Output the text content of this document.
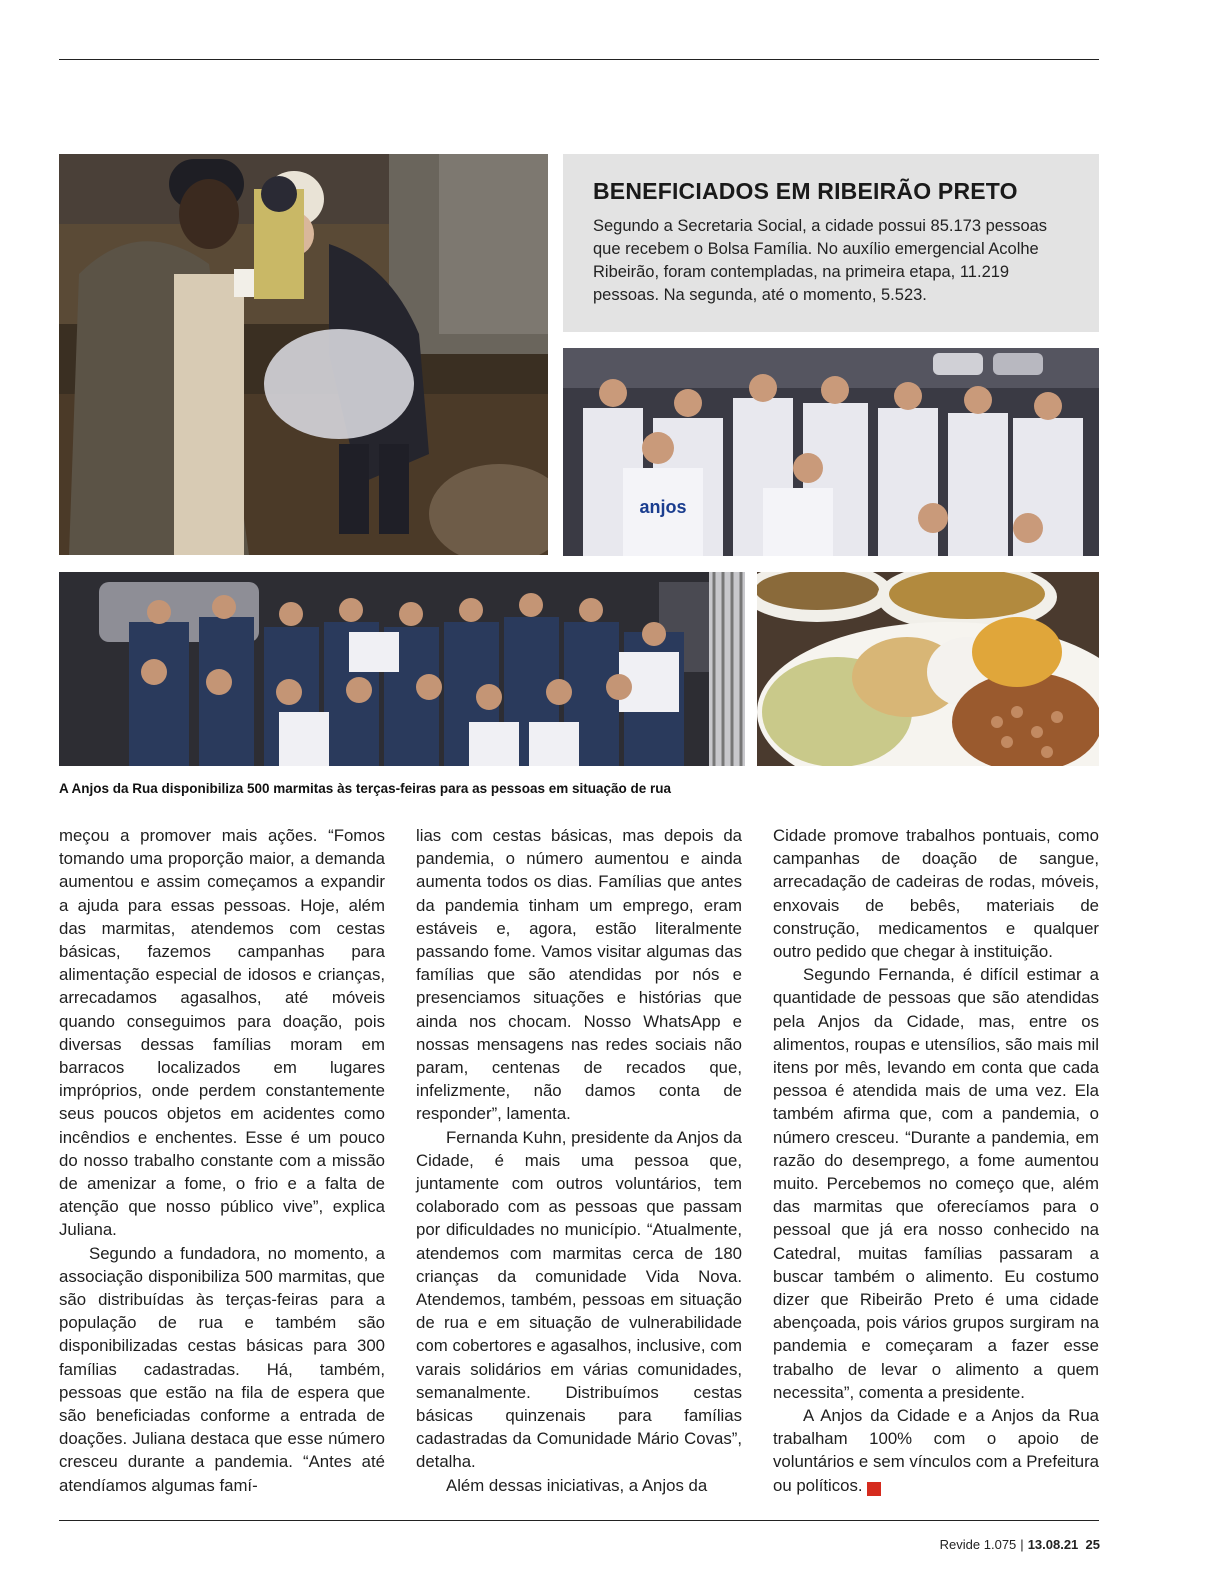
BENEFICIADOS EM RIBEIRÃO PRETO

Segundo a Secretaria Social, a cidade possui 85.173 pessoas que recebem o Bolsa Família. No auxílio emergencial Acolhe Ribeirão, foram contempladas, na primeira etapa, 11.219 pessoas. Na segunda, até o momento, 5.523.

anjos
A Anjos da Rua disponibiliza 500 marmitas às terças-feiras para as pessoas em situação de rua

meçou a promover mais ações. “Fomos tomando uma proporção maior, a demanda aumentou e assim começamos a expandir a ajuda para essas pessoas. Hoje, além das marmitas, atendemos com cestas básicas, fazemos campanhas para alimentação especial de idosos e crianças, arrecadamos agasalhos, até móveis quando conseguimos para doação, pois diversas dessas famílias moram em barracos localizados em lugares impróprios, onde perdem constantemente seus poucos objetos em acidentes como incêndios e enchentes. Esse é um pouco do nosso trabalho constante com a missão de amenizar a fome, o frio e a falta de atenção que nosso público vive”, explica Juliana.

Segundo a fundadora, no momento, a associação disponibiliza 500 marmitas, que são distribuídas às terças-feiras para a população de rua e também são disponibilizadas cestas básicas para 300 famílias cadastradas. Há, também, pessoas que estão na fila de espera que são beneficiadas conforme a entrada de doações. Juliana destaca que esse número cresceu durante a pandemia. “Antes até atendíamos algumas famí-

lias com cestas básicas, mas depois da pandemia, o número aumentou e ainda aumenta todos os dias. Famílias que antes da pandemia tinham um emprego, eram estáveis e, agora, estão literalmente passando fome. Vamos visitar algumas das famílias que são atendidas por nós e presenciamos situações e histórias que ainda nos chocam. Nosso WhatsApp e nossas mensagens nas redes sociais não param, centenas de recados que, infelizmente, não damos conta de responder”, lamenta.

Fernanda Kuhn, presidente da Anjos da Cidade, é mais uma pessoa que, juntamente com outros voluntários, tem colaborado com as pessoas que passam por dificuldades no município. “Atualmente, atendemos com marmitas cerca de 180 crianças da comunidade Vida Nova. Atendemos, também, pessoas em situação de rua e em situação de vulnerabilidade com cobertores e agasalhos, inclusive, com varais solidários em várias comunidades, semanalmente. Distribuímos cestas básicas quinzenais para famílias cadastradas da Comunidade Mário Covas”, detalha.

Além dessas iniciativas, a Anjos da

Cidade promove trabalhos pontuais, como campanhas de doação de sangue, arrecadação de cadeiras de rodas, móveis, enxovais de bebês, materiais de construção, medicamentos e qualquer outro pedido que chegar à instituição.

Segundo Fernanda, é difícil estimar a quantidade de pessoas que são atendidas pela Anjos da Cidade, mas, entre os alimentos, roupas e utensílios, são mais mil itens por mês, levando em conta que cada pessoa é atendida mais de uma vez. Ela também afirma que, com a pandemia, o número cresceu. “Durante a pandemia, em razão do desemprego, a fome aumentou muito. Percebemos no começo que, além das marmitas que oferecíamos para o pessoal que já era nosso conhecido na Catedral, muitas famílias passaram a buscar também o alimento. Eu costumo dizer que Ribeirão Preto é uma cidade abençoada, pois vários grupos surgiram na pandemia e começaram a fazer esse trabalho de levar o alimento a quem necessita”, comenta a presidente.

A Anjos da Cidade e a Anjos da Rua trabalham 100% com o apoio de voluntários e sem vínculos com a Prefeitura ou políticos.	R

Revide 1.075 | 13.08.21 25
